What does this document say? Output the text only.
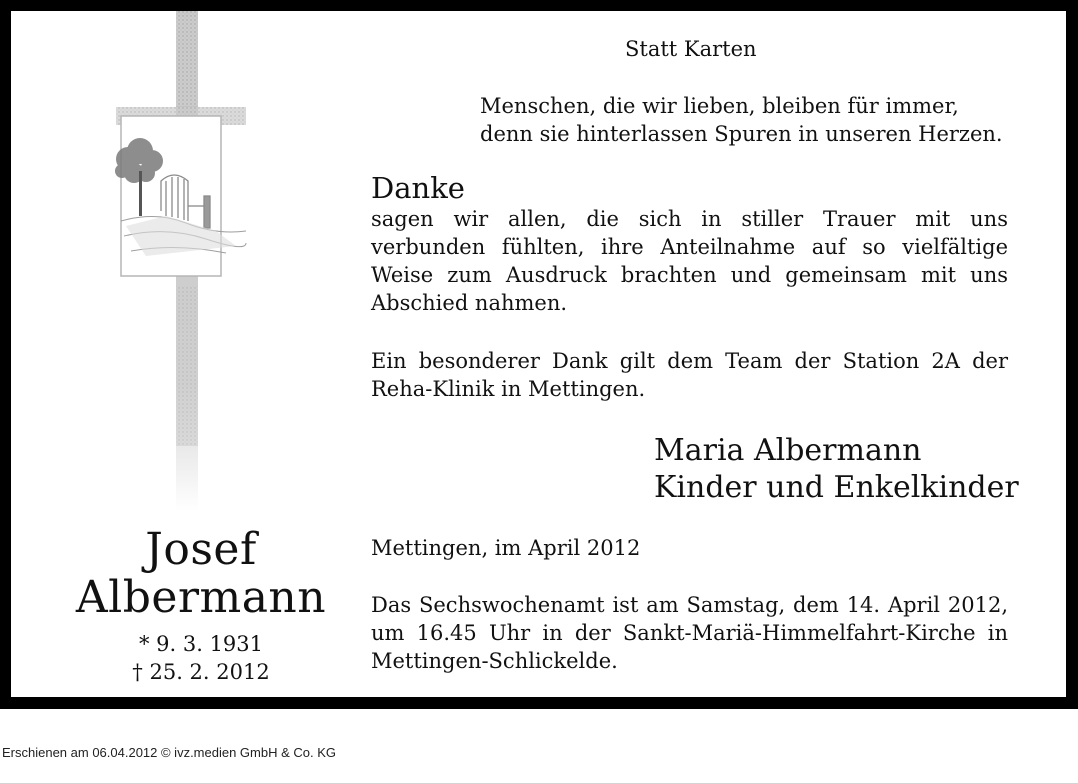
Josef
Albermann
* 9. 3. 1931
† 25. 2. 2012
Statt Karten
Menschen, die wir lieben, bleiben für immer,
denn sie hinterlassen Spuren in unseren Herzen.
Danke
sagen wir allen, die sich in stiller Trauer mit uns
verbunden fühlten, ihre Anteilnahme auf so vielfältige
Weise zum Ausdruck brachten und gemeinsam mit uns
Abschied nahmen.
Ein besonderer Dank gilt dem Team der Station 2A der
Reha-Klinik in Mettingen.
Maria Albermann
Kinder und Enkelkinder
Mettingen, im April 2012
Das Sechswochenamt ist am Samstag, dem 14. April 2012,
um 16.45 Uhr in der Sankt-Mariä-Himmelfahrt-Kirche in
Mettingen-Schlickelde.
Erschienen am 06.04.2012 © ivz.medien GmbH & Co. KG
